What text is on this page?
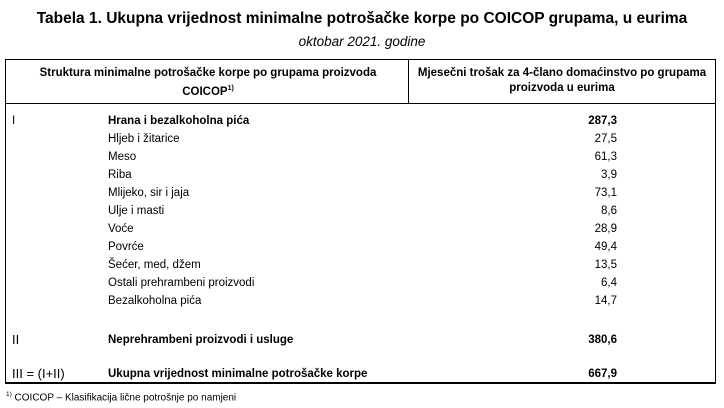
Tabela 1. Ukupna vrijednost minimalne potrošačke korpe po COICOP grupama, u eurima
oktobar 2021. godine
Struktura minimalne potrošačke korpe po grupama proizvoda
COICOP$^{1)}$
Mjesečni trošak za 4-člano domaćinstvo po grupama
proizvoda u eurima
I	Hrana i bezalkoholna pića	287,3
Hljeb i žitarice	27,5
Meso	61,3
Riba	3,9
Mlijeko, sir i jaja	73,1
Ulje i masti	8,6
Voće	28,9
Povrće	49,4
Šećer, med, džem	13,5
Ostali prehrambeni proizvodi	6,4
Bezalkoholna pića	14,7
II	Neprehrambeni proizvodi i usluge	380,6
III = (I+II)	Ukupna vrijednost minimalne potrošačke korpe	667,9
$^{1)}$ COICOP – Klasifikacija lične potrošnje po namjeni
